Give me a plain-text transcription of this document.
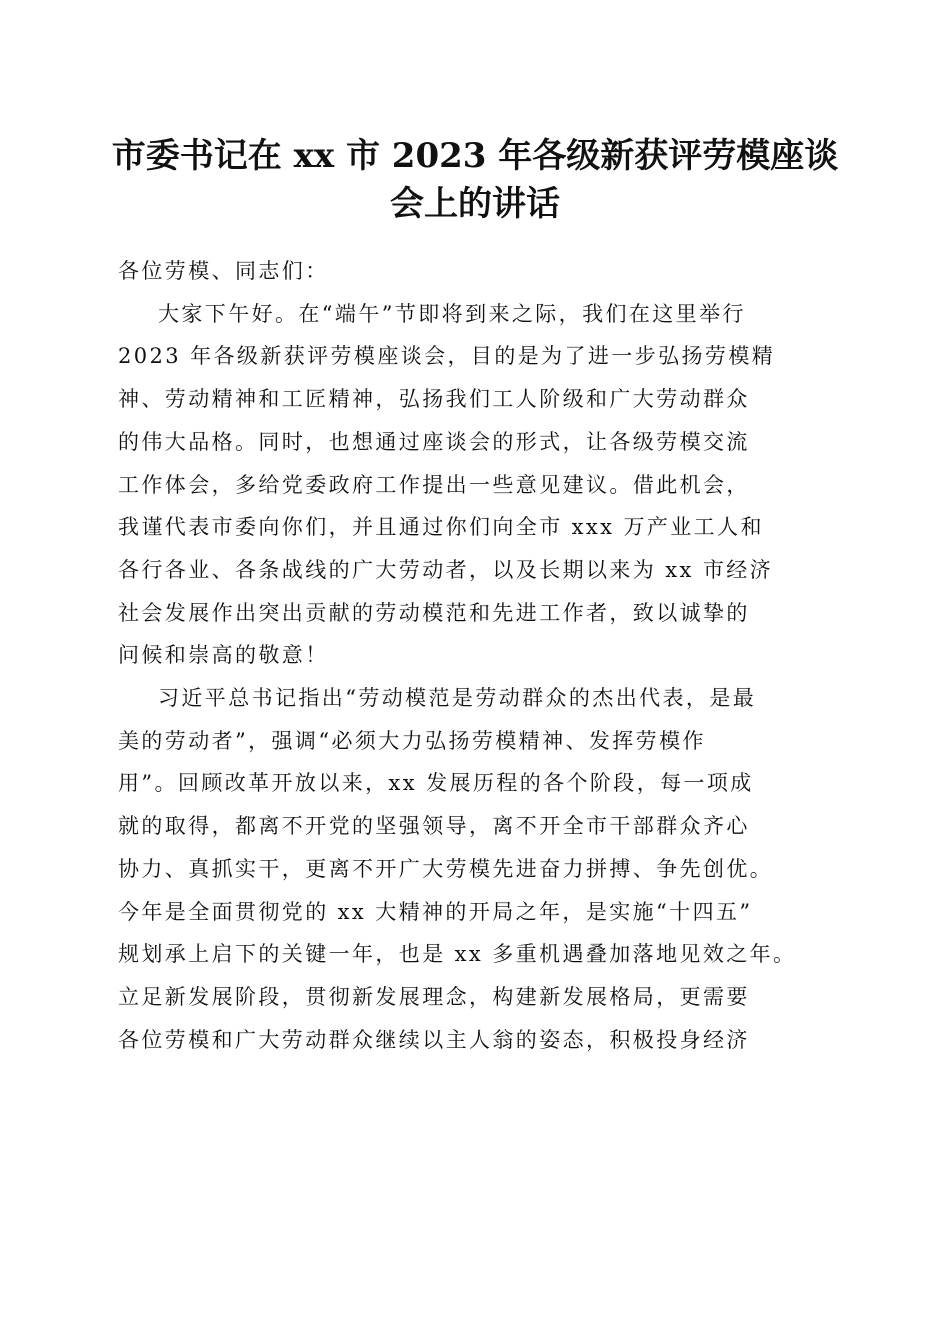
市委书记在 xx 市 2023 年各级新获评劳模座谈
会上的讲话
各位劳模、同志们：
大家下午好。在“端午”节即将到来之际，我们在这里举行
2023 年各级新获评劳模座谈会，目的是为了进一步弘扬劳模精
神、劳动精神和工匠精神，弘扬我们工人阶级和广大劳动群众
的伟大品格。同时，也想通过座谈会的形式，让各级劳模交流
工作体会，多给党委政府工作提出一些意见建议。借此机会，
我谨代表市委向你们，并且通过你们向全市 xxx 万产业工人和
各行各业、各条战线的广大劳动者，以及长期以来为 xx 市经济
社会发展作出突出贡献的劳动模范和先进工作者，致以诚挚的
问候和崇高的敬意！
习近平总书记指出“劳动模范是劳动群众的杰出代表，是最
美的劳动者”，强调“必须大力弘扬劳模精神、发挥劳模作
用”。回顾改革开放以来，xx 发展历程的各个阶段，每一项成
就的取得，都离不开党的坚强领导，离不开全市干部群众齐心
协力、真抓实干，更离不开广大劳模先进奋力拼搏、争先创优。
今年是全面贯彻党的 xx 大精神的开局之年，是实施“十四五”
规划承上启下的关键一年，也是 xx 多重机遇叠加落地见效之年。
立足新发展阶段，贯彻新发展理念，构建新发展格局，更需要
各位劳模和广大劳动群众继续以主人翁的姿态，积极投身经济
